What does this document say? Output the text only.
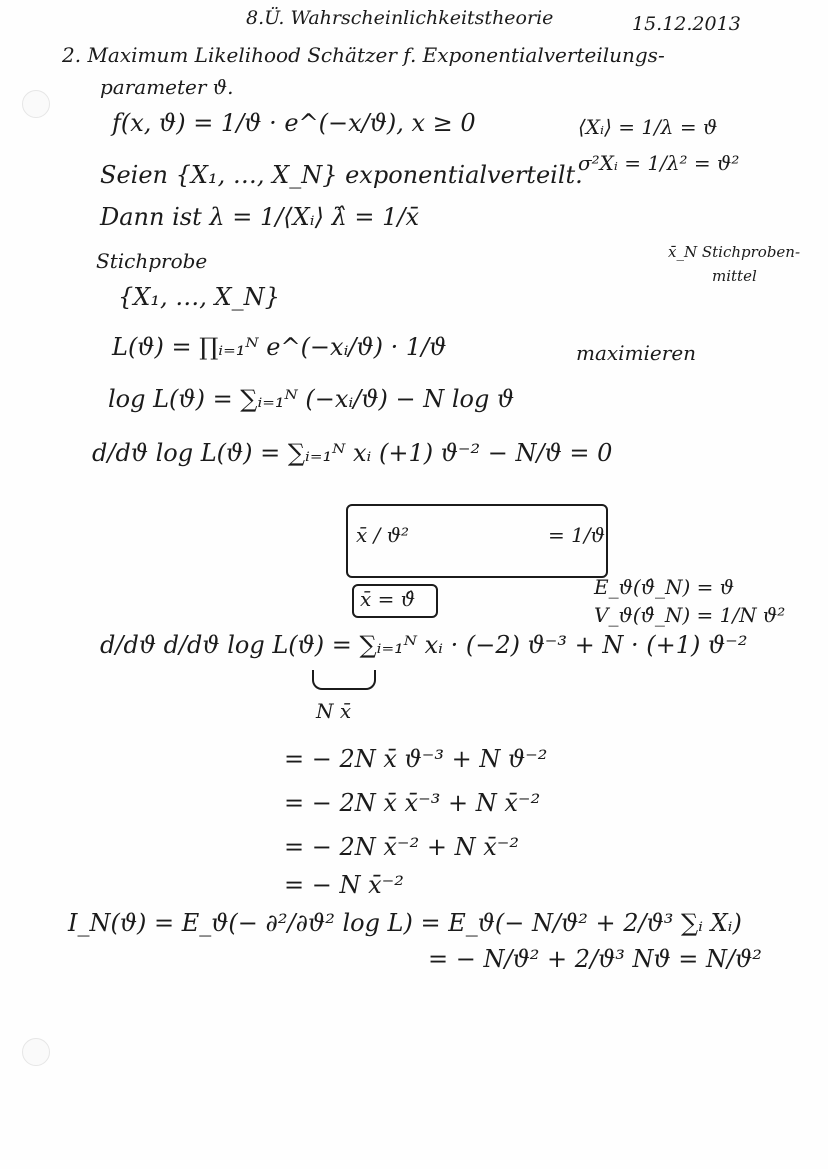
8.Ü. Wahrscheinlichkeitstheorie	15.12.2013
2. Maximum Likelihood Schätzer f. Exponentialverteilungs-
parameter ϑ.
f(x, ϑ) = 1/ϑ · e^(−x/ϑ), x ≥ 0	⟨Xᵢ⟩ = 1/λ = ϑ
σ²Xᵢ = 1/λ² = ϑ²
Seien {X₁, …, X_N} exponentialverteilt.
Dann ist λ = 1/⟨Xᵢ⟩ λ̂ = 1/x̄
x̄_N Stichproben-
mittel
Stichprobe
{X₁, …, X_N}
L(ϑ) = ∏ᵢ₌₁ᴺ e^(−xᵢ/ϑ) · 1/ϑ	maximieren
log L(ϑ) = ∑ᵢ₌₁ᴺ (−xᵢ/ϑ) − N log ϑ
d/dϑ log L(ϑ) = ∑ᵢ₌₁ᴺ xᵢ (+1) ϑ⁻² − N/ϑ = 0
x̄ / ϑ²	= 1/ϑ
x̄ = ϑ̂	E_ϑ(ϑ̂_N) = ϑ
V_ϑ(ϑ̂_N) = 1/N ϑ²
d/dϑ d/dϑ log L(ϑ) = ∑ᵢ₌₁ᴺ xᵢ · (−2) ϑ⁻³ + N · (+1) ϑ⁻²
N x̄
= − 2N x̄ ϑ⁻³ + N ϑ⁻²
= − 2N x̄ x̄⁻³ + N x̄⁻²
= − 2N x̄⁻² + N x̄⁻²
= − N x̄⁻²
I_N(ϑ) = E_ϑ(− ∂²/∂ϑ² log L) = E_ϑ(− N/ϑ² + 2/ϑ³ ∑ᵢ Xᵢ)
= − N/ϑ² + 2/ϑ³ Nϑ = N/ϑ²
